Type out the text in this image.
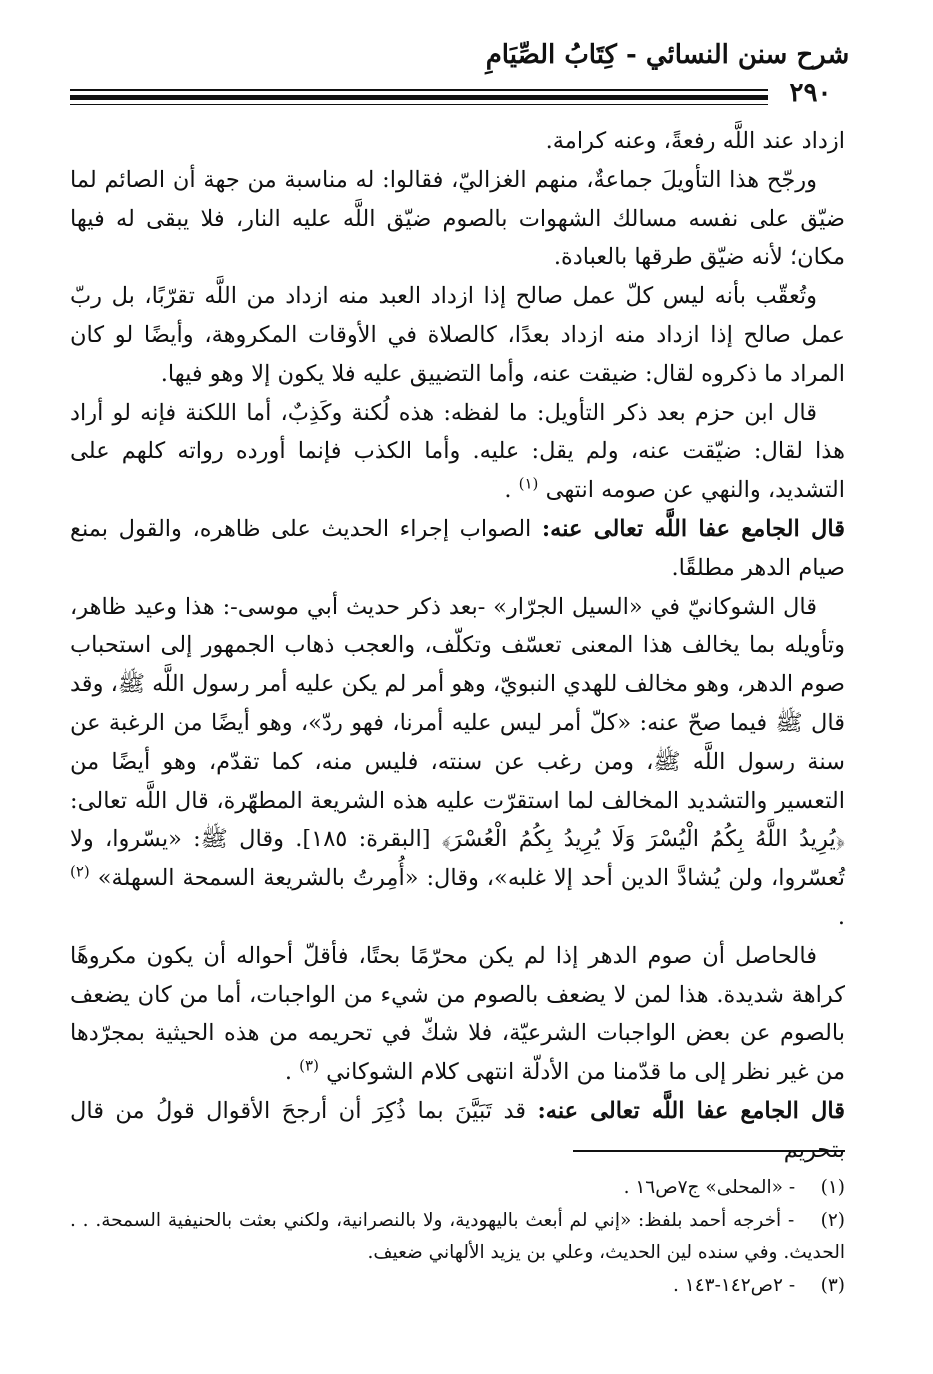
شرح سنن النسائي - كِتَابُ الصِّيَامِ
٢٩٠

ازداد عند اللَّه رفعةً، وعنه كرامة.

ورجّح هذا التأويلَ جماعةٌ، منهم الغزاليّ، فقالوا: له مناسبة من جهة أن الصائم لما ضيّق على نفسه مسالك الشهوات بالصوم ضيّق اللَّه عليه النار، فلا يبقى له فيها مكان؛ لأنه ضيّق طرقها بالعبادة.

وتُعقّب بأنه ليس كلّ عمل صالح إذا ازداد العبد منه ازداد من اللَّه تقرّبًا، بل ربّ عمل صالح إذا ازداد منه ازداد بعدًا، كالصلاة في الأوقات المكروهة، وأيضًا لو كان المراد ما ذكروه لقال: ضيقت عنه، وأما التضييق عليه فلا يكون إلا وهو فيها.

قال ابن حزم بعد ذكر التأويل: ما لفظه: هذه لُكنة وكَذِبٌ، أما اللكنة فإنه لو أراد هذا لقال: ضيّقت عنه، ولم يقل: عليه. وأما الكذب فإنما أورده رواته كلهم على التشديد، والنهي عن صومه انتهى $^{(١)}$ .

قال الجامع عفا اللَّه تعالى عنه: الصواب إجراء الحديث على ظاهره، والقول بمنع صيام الدهر مطلقًا.

قال الشوكانيّ في «السيل الجرّار» -بعد ذكر حديث أبي موسى-: هذا وعيد ظاهر، وتأويله بما يخالف هذا المعنى تعسّف وتكلّف، والعجب ذهاب الجمهور إلى استحباب صوم الدهر، وهو مخالف للهدي النبويّ، وهو أمر لم يكن عليه أمر رسول اللَّه ﷺ، وقد قال ﷺ فيما صحّ عنه: «كلّ أمر ليس عليه أمرنا، فهو ردّ»، وهو أيضًا من الرغبة عن سنة رسول اللَّه ﷺ، ومن رغب عن سنته، فليس منه، كما تقدّم، وهو أيضًا من التعسير والتشديد المخالف لما استقرّت عليه هذه الشريعة المطهّرة، قال اللَّه تعالى: ﴿يُرِيدُ اللَّهُ بِكُمُ الْيُسْرَ وَلَا يُرِيدُ بِكُمُ الْعُسْرَ﴾ [البقرة: ١٨٥]. وقال ﷺ: «يسّروا، ولا تُعسّروا، ولن يُشادَّ الدين أحد إلا غلبه»، وقال: «أُمِرتُ بالشريعة السمحة السهلة» $^{(٢)}$ .

فالحاصل أن صوم الدهر إذا لم يكن محرّمًا بحتًا، فأقلّ أحواله أن يكون مكروهًا كراهة شديدة. هذا لمن لا يضعف بالصوم من شيء من الواجبات، أما من كان يضعف بالصوم عن بعض الواجبات الشرعيّة، فلا شكّ في تحريمه من هذه الحيثية بمجرّدها من غير نظر إلى ما قدّمنا من الأدلّة انتهى كلام الشوكاني $^{(٣)}$ .

قال الجامع عفا اللَّه تعالى عنه: قد تَبَيَّنَ بما ذُكِرَ أن أرجحَ الأقوال قولُ من قال بتحريم

(١) - «المحلى» ج٧ص١٦ .

(٢) - أخرجه أحمد بلفظ: «إني لم أبعث باليهودية، ولا بالنصرانية، ولكني بعثت بالحنيفية السمحة. . . الحديث. وفي سنده لين الحديث، وعلي بن يزيد الألهاني ضعيف.

(٣) - ٢ص١٤٢-١٤٣ .
